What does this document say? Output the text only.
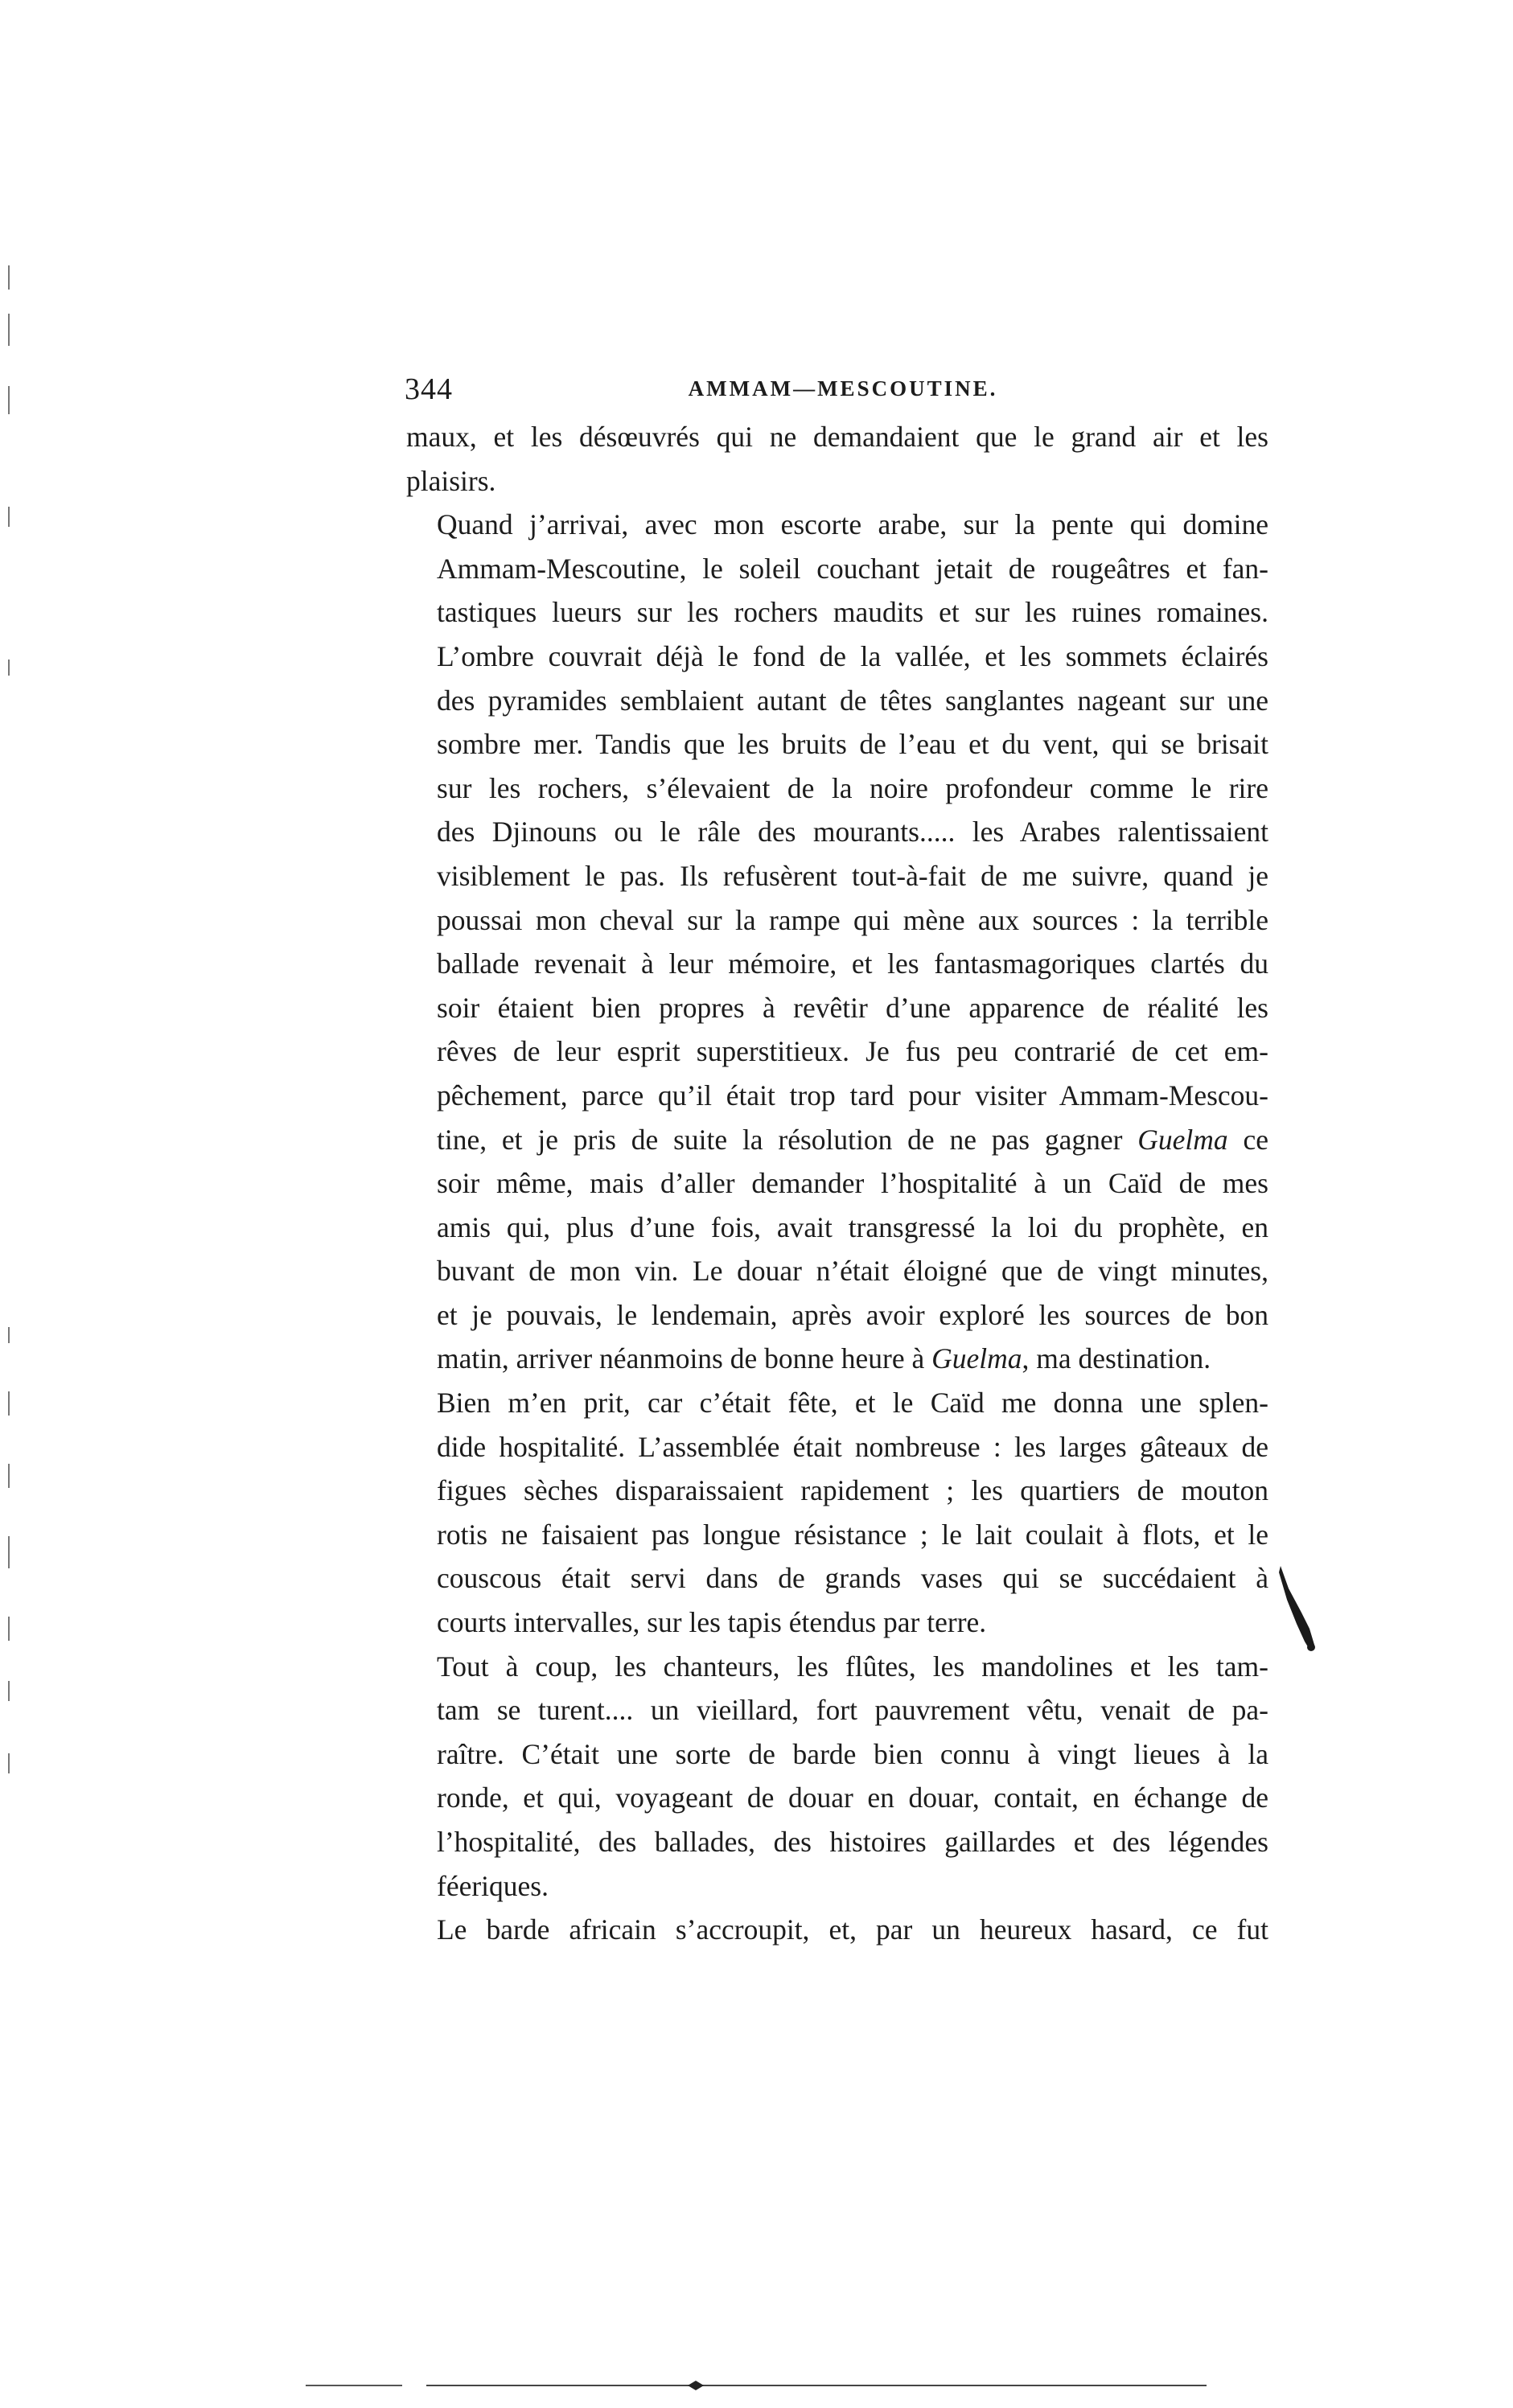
344	AMMAM—MESCOUTINE.

maux, et les désœuvrés qui ne demandaient que le grand air et les
plaisirs.

Quand j’arrivai, avec mon escorte arabe, sur la pente qui domine
Ammam-Mescoutine, le soleil couchant jetait de rougeâtres et fan-
tastiques lueurs sur les rochers maudits et sur les ruines romaines.
L’ombre couvrait déjà le fond de la vallée, et les sommets éclairés
des pyramides semblaient autant de têtes sanglantes nageant sur une
sombre mer. Tandis que les bruits de l’eau et du vent, qui se brisait
sur les rochers, s’élevaient de la noire profondeur comme le rire
des Djinouns ou le râle des mourants..... les Arabes ralentissaient
visiblement le pas. Ils refusèrent tout-à-fait de me suivre, quand je
poussai mon cheval sur la rampe qui mène aux sources : la terrible
ballade revenait à leur mémoire, et les fantasmagoriques clartés du
soir étaient bien propres à revêtir d’une apparence de réalité les
rêves de leur esprit superstitieux. Je fus peu contrarié de cet em-
pêchement, parce qu’il était trop tard pour visiter Ammam-Mescou-
tine, et je pris de suite la résolution de ne pas gagner Guelma ce
soir même, mais d’aller demander l’hospitalité à un Caïd de mes
amis qui, plus d’une fois, avait transgressé la loi du prophète, en
buvant de mon vin. Le douar n’était éloigné que de vingt minutes,
et je pouvais, le lendemain, après avoir exploré les sources de bon
matin, arriver néanmoins de bonne heure à Guelma, ma destination.

Bien m’en prit, car c’était fête, et le Caïd me donna une splen-
dide hospitalité. L’assemblée était nombreuse : les larges gâteaux de
figues sèches disparaissaient rapidement ; les quartiers de mouton
rotis ne faisaient pas longue résistance ; le lait coulait à flots, et le
couscous était servi dans de grands vases qui se succédaient à
courts intervalles, sur les tapis étendus par terre.

Tout à coup, les chanteurs, les flûtes, les mandolines et les tam-
tam se turent.... un vieillard, fort pauvrement vêtu, venait de pa-
raître. C’était une sorte de barde bien connu à vingt lieues à la
ronde, et qui, voyageant de douar en douar, contait, en échange de
l’hospitalité, des ballades, des histoires gaillardes et des légendes
féeriques.

Le barde africain s’accroupit, et, par un heureux hasard, ce fut
